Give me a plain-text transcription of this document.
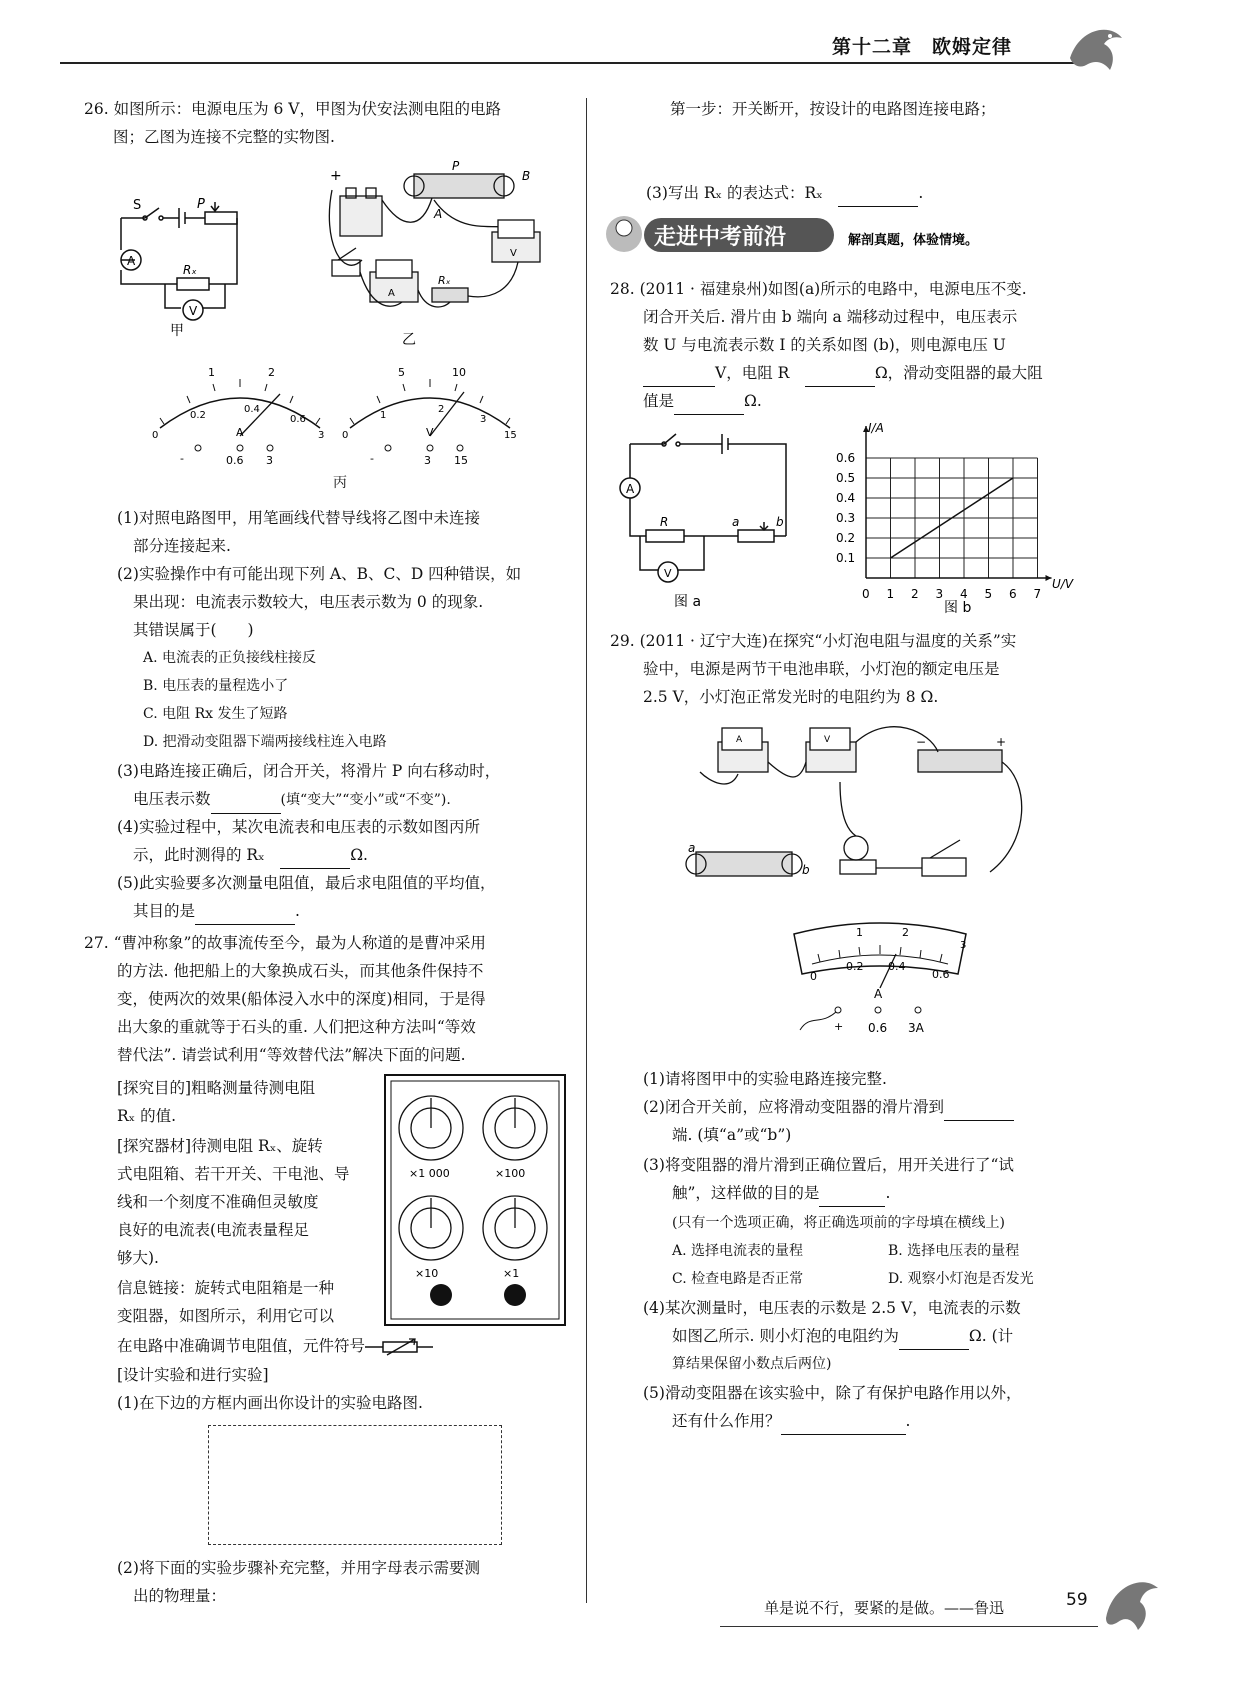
第十二章　欧姆定律
26. 如图所示：电源电压为 6 V，甲图为伏安法测电阻的电路
图；乙图为连接不完整的实物图.
S	P
A
Rₓ
V
甲
+
P
B
A
A
V
Rₓ
乙
1	2
0
0.2
0.4
0.6
3
A
-	0.6 3
5	10
0
1
2
3
15
V
-	3 15
丙
(1)对照电路图甲，用笔画线代替导线将乙图中未连接
部分连接起来.
(2)实验操作中有可能出现下列 A、B、C、D 四种错误，如
果出现：电流表示数较大，电压表示数为 0 的现象.
其错误属于(　　)
A. 电流表的正负接线柱接反
B. 电压表的量程选小了
C. 电阻 Rx 发生了短路
D. 把滑动变阻器下端两接线柱连入电路
(3)电路连接正确后，闭合开关，将滑片 P 向右移动时，
电压表示数	(填“变大”“变小”或“不变”).
(4)实验过程中，某次电流表和电压表的示数如图丙所
示，此时测得的 Rₓ　	Ω.
(5)此实验要多次测量电阻值，最后求电阻值的平均值，
其目的是	.
27. “曹冲称象”的故事流传至今，最为人称道的是曹冲采用
的方法. 他把船上的大象换成石头，而其他条件保持不
变，使两次的效果(船体浸入水中的深度)相同，于是得
出大象的重就等于石头的重. 人们把这种方法叫“等效
替代法”. 请尝试利用“等效替代法”解决下面的问题.
[探究目的]粗略测量待测电阻
Rₓ 的值.
[探究器材]待测电阻 Rₓ、旋转
式电阻箱、若干开关、干电池、导
线和一个刻度不准确但灵敏度
良好的电流表(电流表量程足
够大).
信息链接：旋转式电阻箱是一种
变阻器，如图所示，利用它可以
在电路中准确调节电阻值，元件符号
[设计实验和进行实验]
(1)在下边的方框内画出你设计的实验电路图.
(2)将下面的实验步骤补充完整，并用字母表示需要测
出的物理量：
×1 000	×100
×10	×1
第一步：开关断开，按设计的电路图连接电路；
(3)写出 Rₓ 的表达式：Rₓ　	.
走进中考前沿	解剖真题，体验情境。
28. (2011 · 福建泉州)如图(a)所示的电路中，电源电压不变.
闭合开关后. 滑片由 b 端向 a 端移动过程中，电压表示
数 U 与电流表示数 I 的关系如图 (b)，则电源电压 U
V，电阻 R　	Ω，滑动变阻器的最大阻
值是	Ω.
A
R	a	b
V
图 a	0 1 2 3 4 5 6 7
0.1
0.2
0.3
0.4
0.5
0.6
I/A
U/V
图 b
29. (2011 · 辽宁大连)在探究“小灯泡电阻与温度的关系”实
验中，电源是两节干电池串联，小灯泡的额定电压是
2.5 V，小灯泡正常发光时的电阻约为 8 Ω.
A	V	−	+
a
b
1	2
3
0
0.2 0.4
0.6
A
+ 0.6 3A
(1)请将图甲中的实验电路连接完整.
(2)闭合开关前，应将滑动变阻器的滑片滑到
端. (填“a”或“b”)
(3)将变阻器的滑片滑到正确位置后，用开关进行了“试
触”，这样做的目的是	.
(只有一个选项正确，将正确选项前的字母填在横线上)
A. 选择电流表的量程	B. 选择电压表的量程
C. 检查电路是否正常	D. 观察小灯泡是否发光
(4)某次测量时，电压表的示数是 2.5 V，电流表的示数
如图乙所示. 则小灯泡的电阻约为	Ω. (计
算结果保留小数点后两位)
(5)滑动变阻器在该实验中，除了有保护电路作用以外，
还有什么作用？	.
单是说不行，要紧的是做。——鲁迅	59
